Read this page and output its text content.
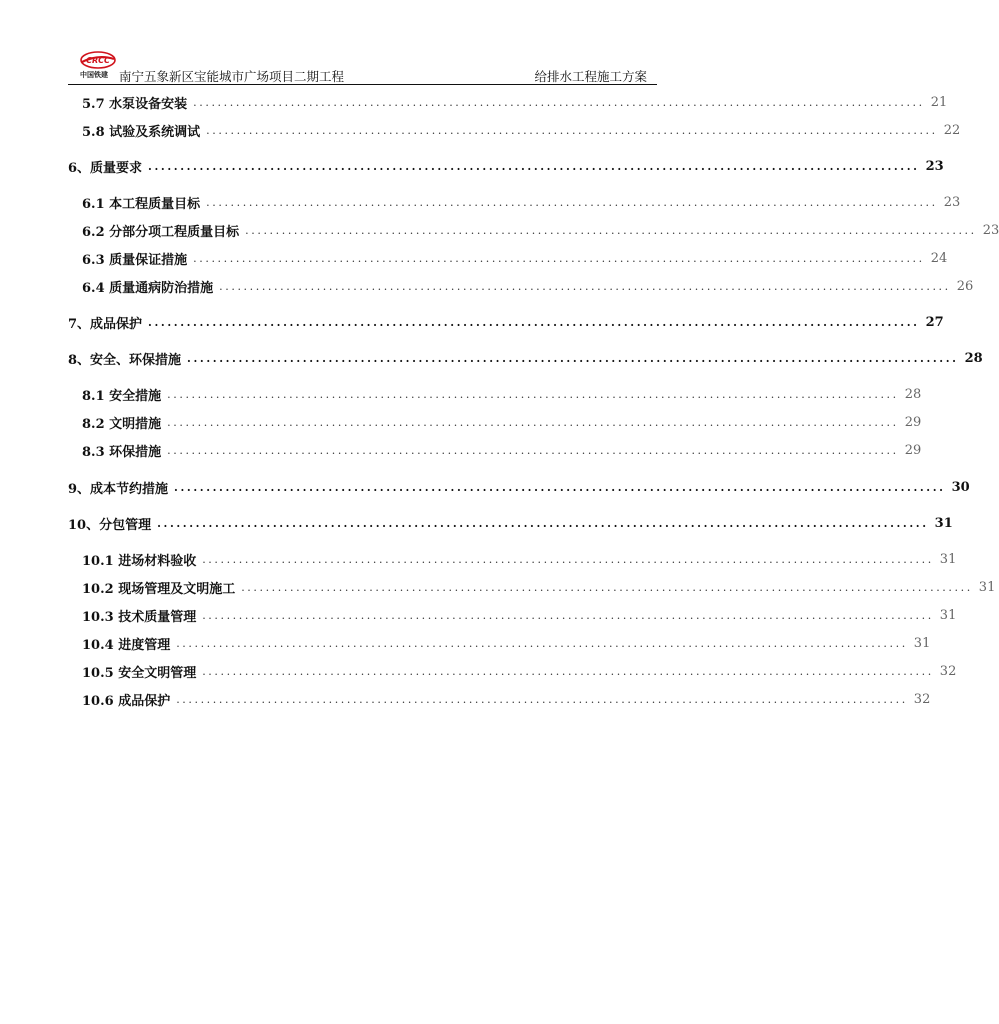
CRCC
中国铁建 南宁五象新区宝能城市广场项目二期工程	给排水工程施工方案
5.7 水泵设备安装 ........................................................................................................................ 21
5.8 试验及系统调试 ........................................................................................................................ 22
6、质量要求 ........................................................................................................................ 23
6.1 本工程质量目标 ........................................................................................................................ 23
6.2 分部分项工程质量目标 ........................................................................................................................ 23
6.3 质量保证措施 ........................................................................................................................ 24
6.4 质量通病防治措施 ........................................................................................................................ 26
7、成品保护 ........................................................................................................................ 27
8、安全、环保措施 ........................................................................................................................ 28
8.1 安全措施 ........................................................................................................................ 28
8.2 文明措施 ........................................................................................................................ 29
8.3 环保措施 ........................................................................................................................ 29
9、成本节约措施 ........................................................................................................................ 30
10、分包管理 ........................................................................................................................ 31
10.1 进场材料验收 ........................................................................................................................ 31
10.2 现场管理及文明施工 ........................................................................................................................ 31
10.3 技术质量管理 ........................................................................................................................ 31
10.4 进度管理 ........................................................................................................................ 31
10.5 安全文明管理 ........................................................................................................................ 32
10.6 成品保护 ........................................................................................................................ 32
